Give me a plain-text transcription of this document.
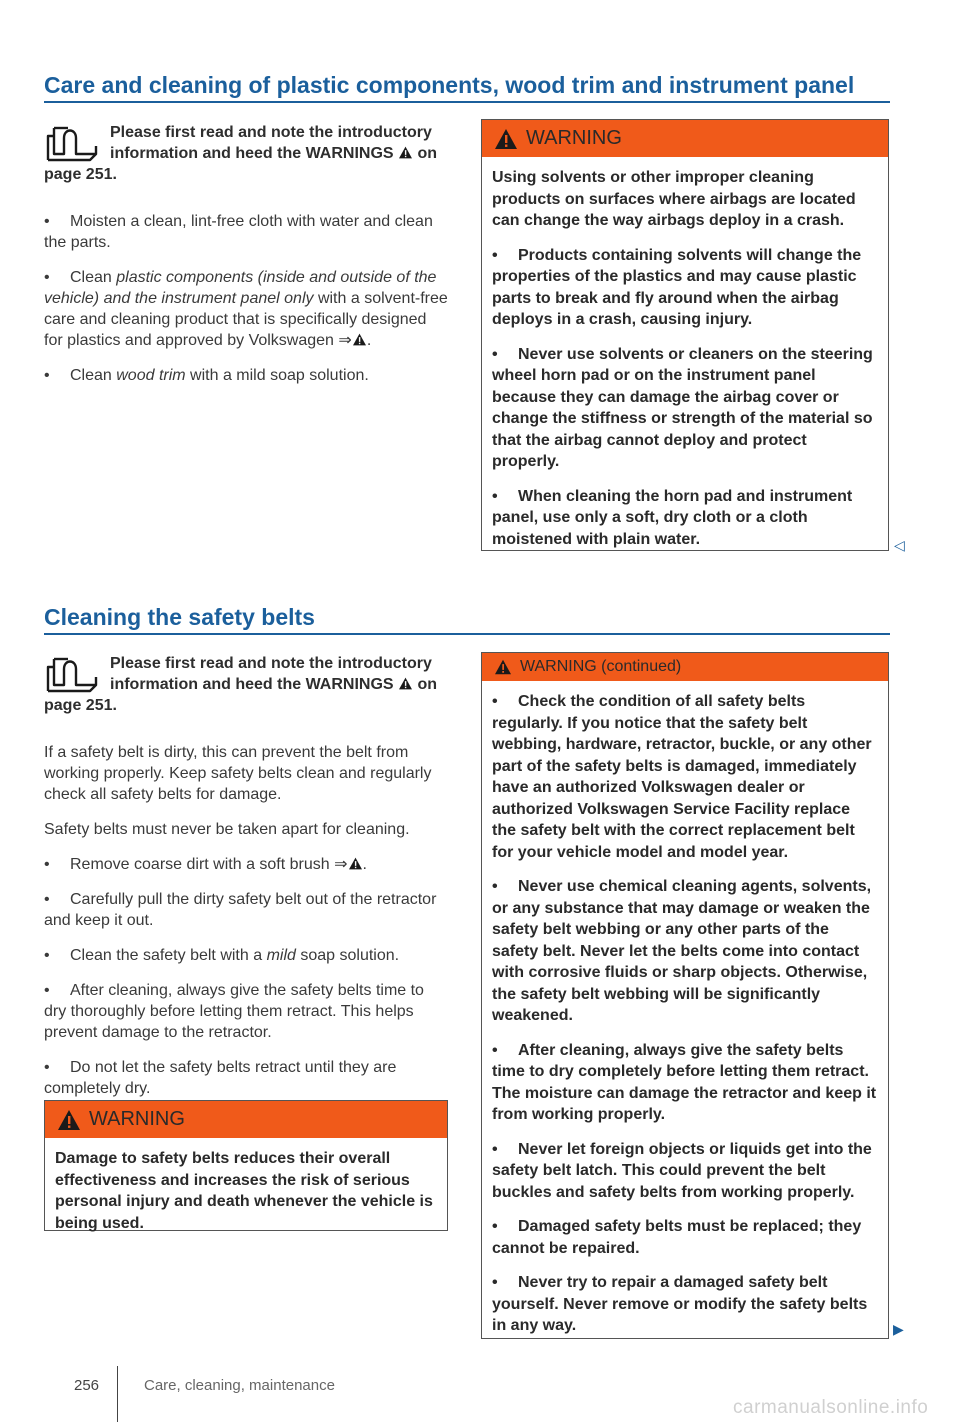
Care and cleaning of plastic components, wood trim and instrument panel
Please first read and note the introductory information and heed the WARNINGS on page 251.
• Moisten a clean, lint-free cloth with water and clean the parts.
• Clean plastic components (inside and outside of the vehicle) and the instrument panel only with a solvent-free care and cleaning product that is specifically designed for plastics and approved by Volkswagen ⇒ .
• Clean wood trim with a mild soap solution.
WARNING
Using solvents or other improper cleaning products on surfaces where airbags are located can change the way airbags deploy in a crash.
• Products containing solvents will change the properties of the plastics and may cause plastic parts to break and fly around when the airbag deploys in a crash, causing injury.
• Never use solvents or cleaners on the steering wheel horn pad or on the instrument panel because they can damage the airbag cover or change the stiffness or strength of the material so that the airbag cannot deploy and protect properly.
• When cleaning the horn pad and instrument panel, use only a soft, dry cloth or a cloth moistened with plain water.	◁
Cleaning the safety belts
Please first read and note the introductory information and heed the WARNINGS on page 251.

If a safety belt is dirty, this can prevent the belt from working properly. Keep safety belts clean and regularly check all safety belts for damage.

Safety belts must never be taken apart for cleaning.

• Remove coarse dirt with a soft brush ⇒ .
• Carefully pull the dirty safety belt out of the retractor and keep it out.
• Clean the safety belt with a mild soap solution.
• After cleaning, always give the safety belts time to dry thoroughly before letting them retract. This helps prevent damage to the retractor.
• Do not let the safety belts retract until they are completely dry.
WARNING
Damage to safety belts reduces their overall effectiveness and increases the risk of serious personal injury and death whenever the vehicle is being used.
WARNING (continued)
• Check the condition of all safety belts regularly. If you notice that the safety belt webbing, hardware, retractor, buckle, or any other part of the safety belts is damaged, immediately have an authorized Volkswagen dealer or authorized Volkswagen Service Facility replace the safety belt with the correct replacement belt for your vehicle model and model year.
• Never use chemical cleaning agents, solvents, or any substance that may damage or weaken the safety belt webbing or any other parts of the safety belt. Never let the belts come into contact with corrosive fluids or sharp objects. Otherwise, the safety belt webbing will be significantly weakened.
• After cleaning, always give the safety belts time to dry completely before letting them retract. The moisture can damage the retractor and keep it from working properly.
• Never let foreign objects or liquids get into the safety belt latch. This could prevent the belt buckles and safety belts from working properly.
• Damaged safety belts must be replaced; they cannot be repaired.
• Never try to repair a damaged safety belt yourself. Never remove or modify the safety belts in any way.	▶
256	Care, cleaning, maintenance
carmanualsonline.info
